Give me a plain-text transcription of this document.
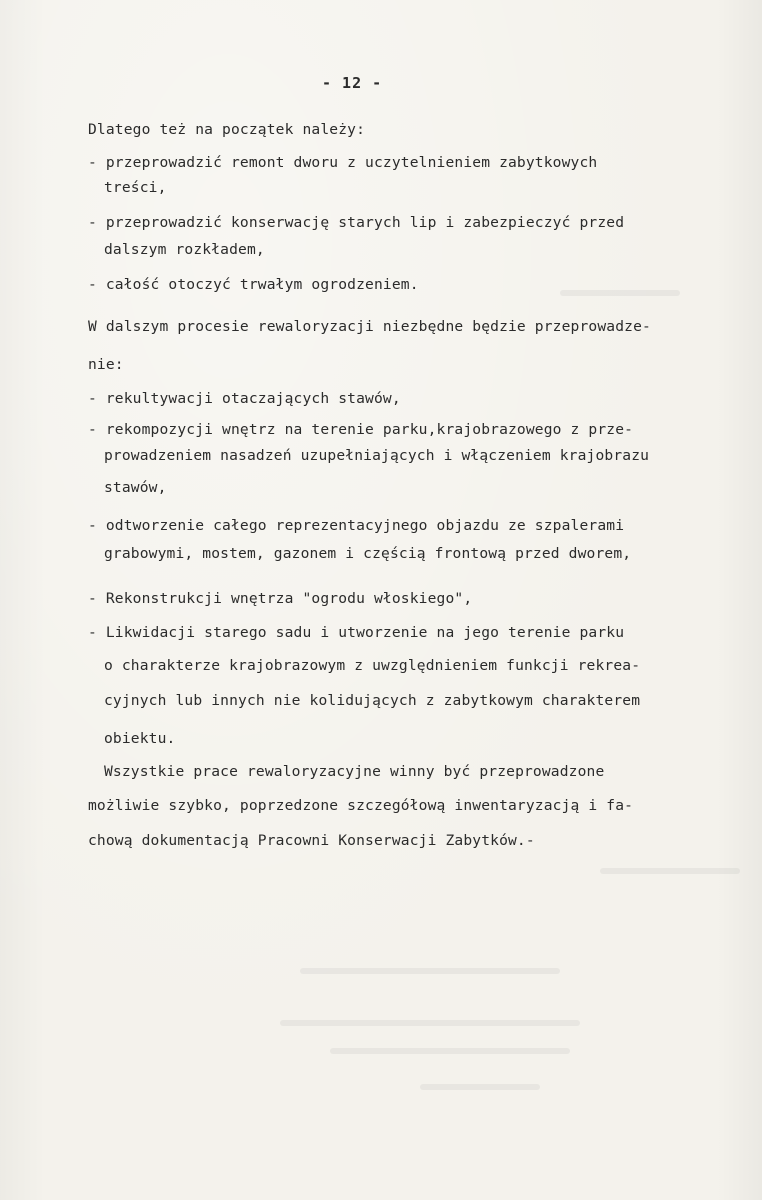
- 12 -
Dlatego też na początek należy:
- przeprowadzić remont dworu z uczytelnieniem zabytkowych
treści,
- przeprowadzić konserwację starych lip i zabezpieczyć przed
dalszym rozkładem,
- całość otoczyć trwałym ogrodzeniem.
W dalszym procesie rewaloryzacji niezbędne będzie przeprowadze-
nie:
- rekultywacji otaczających stawów,
- rekompozycji wnętrz na terenie parku,krajobrazowego z prze-
prowadzeniem nasadzeń uzupełniających i włączeniem krajobrazu
stawów,
- odtworzenie całego reprezentacyjnego objazdu ze szpalerami
grabowymi, mostem, gazonem i częścią frontową przed dworem,
- Rekonstrukcji wnętrza "ogrodu włoskiego",
- Likwidacji starego sadu i utworzenie na jego terenie parku
o charakterze krajobrazowym z uwzględnieniem funkcji rekrea-
cyjnych lub innych nie kolidujących z zabytkowym charakterem
obiektu.
Wszystkie prace rewaloryzacyjne winny być przeprowadzone
możliwie szybko, poprzedzone szczegółową inwentaryzacją i fa-
chową dokumentacją Pracowni Konserwacji Zabytków.-
